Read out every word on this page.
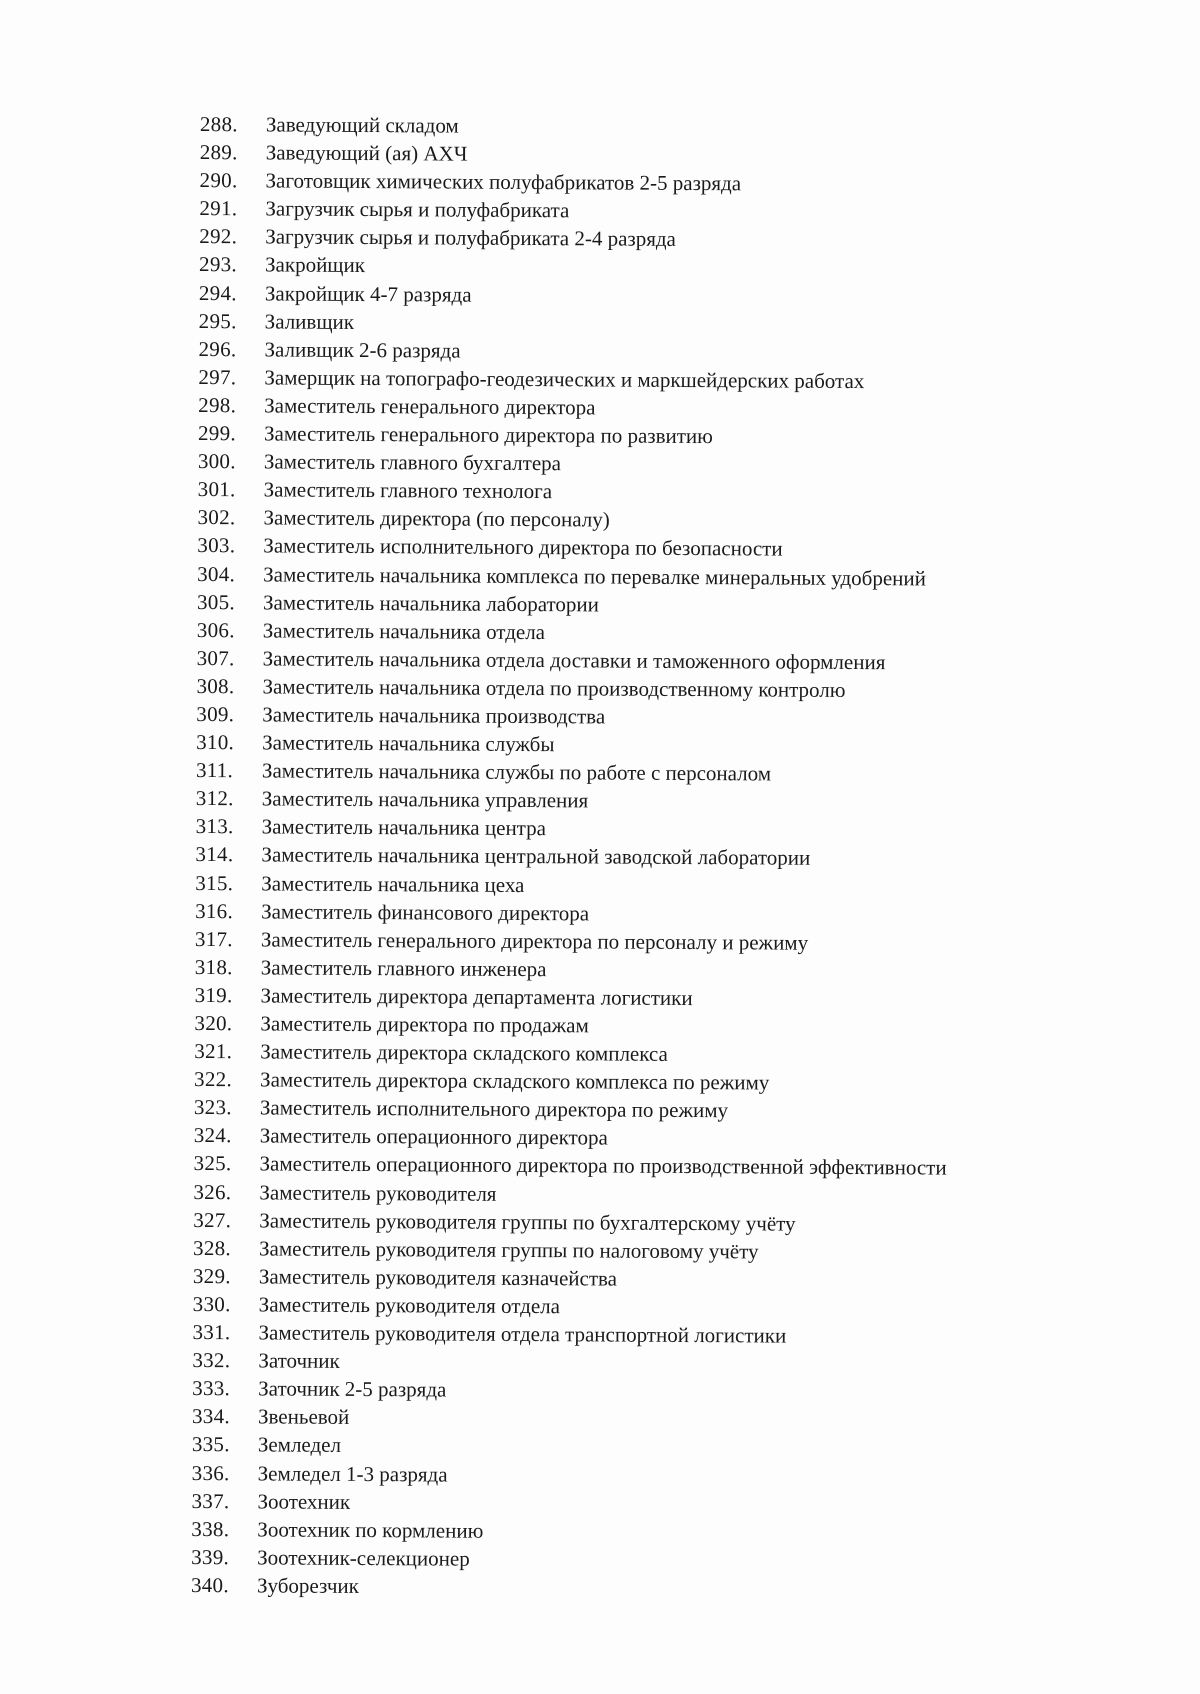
288.	Заведующий складом
289.	Заведующий (ая) АХЧ
290.	Заготовщик химических полуфабрикатов 2-5 разряда
291.	Загрузчик сырья и полуфабриката
292.	Загрузчик сырья и полуфабриката 2-4 разряда
293.	Закройщик
294.	Закройщик 4-7 разряда
295.	Заливщик
296.	Заливщик 2-6 разряда
297.	Замерщик на топографо-геодезических и маркшейдерских работах
298.	Заместитель генерального директора
299.	Заместитель генерального директора по развитию
300.	Заместитель главного бухгалтера
301.	Заместитель главного технолога
302.	Заместитель директора (по персоналу)
303.	Заместитель исполнительного директора по безопасности
304.	Заместитель начальника комплекса по перевалке минеральных удобрений
305.	Заместитель начальника лаборатории
306.	Заместитель начальника отдела
307.	Заместитель начальника отдела доставки и таможенного оформления
308.	Заместитель начальника отдела по производственному контролю
309.	Заместитель начальника производства
310.	Заместитель начальника службы
311.	Заместитель начальника службы по работе с персоналом
312.	Заместитель начальника управления
313.	Заместитель начальника центра
314.	Заместитель начальника центральной заводской лаборатории
315.	Заместитель начальника цеха
316.	Заместитель финансового директора
317.	Заместитель генерального директора по персоналу и режиму
318.	Заместитель главного инженера
319.	Заместитель директора департамента логистики
320.	Заместитель директора по продажам
321.	Заместитель директора складского комплекса
322.	Заместитель директора складского комплекса по режиму
323.	Заместитель исполнительного директора по режиму
324.	Заместитель операционного директора
325.	Заместитель операционного директора по производственной эффективности
326.	Заместитель руководителя
327.	Заместитель руководителя группы по бухгалтерскому учёту
328.	Заместитель руководителя группы по налоговому учёту
329.	Заместитель руководителя казначейства
330.	Заместитель руководителя отдела
331.	Заместитель руководителя отдела транспортной логистики
332.	Заточник
333.	Заточник 2-5 разряда
334.	Звеньевой
335.	Земледел
336.	Земледел 1-3 разряда
337.	Зоотехник
338.	Зоотехник по кормлению
339.	Зоотехник-селекционер
340.	Зуборезчик
